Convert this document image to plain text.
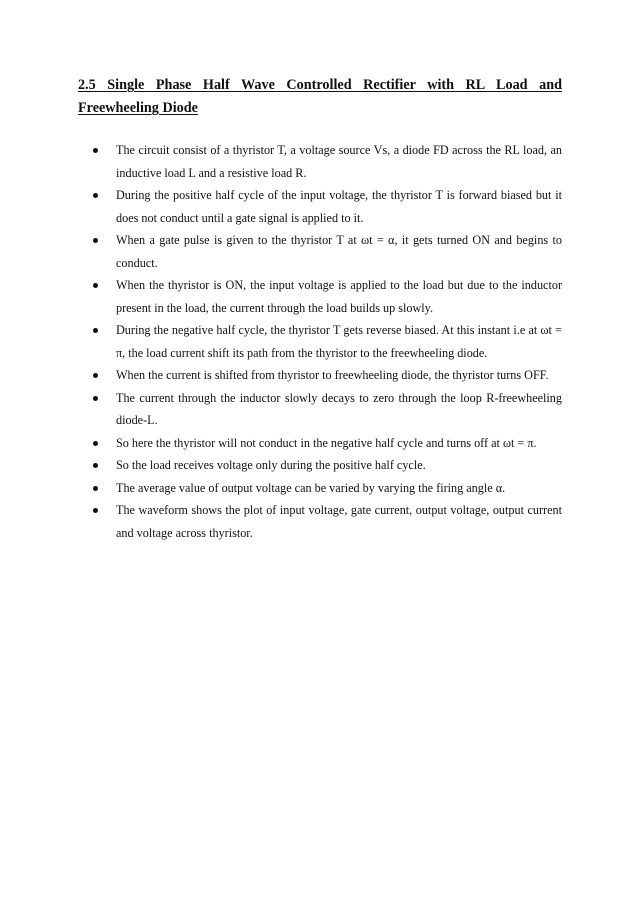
2.5 Single Phase Half Wave Controlled Rectifier with RL Load and Freewheeling Diode
The circuit consist of a thyristor T, a voltage source Vs, a diode FD across the RL load, an inductive load L and a resistive load R.
During the positive half cycle of the input voltage, the thyristor T is forward biased but it does not conduct until a gate signal is applied to it.
When a gate pulse is given to the thyristor T at ωt = α, it gets turned ON and begins to conduct.
When the thyristor is ON, the input voltage is applied to the load but due to the inductor present in the load, the current through the load builds up slowly.
During the negative half cycle, the thyristor T gets reverse biased. At this instant i.e at ωt = π, the load current shift its path from the thyristor to the freewheeling diode.
When the current is shifted from thyristor to freewheeling diode, the thyristor turns OFF.
The current through the inductor slowly decays to zero through the loop R-freewheeling diode-L.
So here the thyristor will not conduct in the negative half cycle and turns off at ωt = π.
So the load receives voltage only during the positive half cycle.
The average value of output voltage can be varied by varying the firing angle α.
The waveform shows the plot of input voltage, gate current, output voltage, output current and voltage across thyristor.
